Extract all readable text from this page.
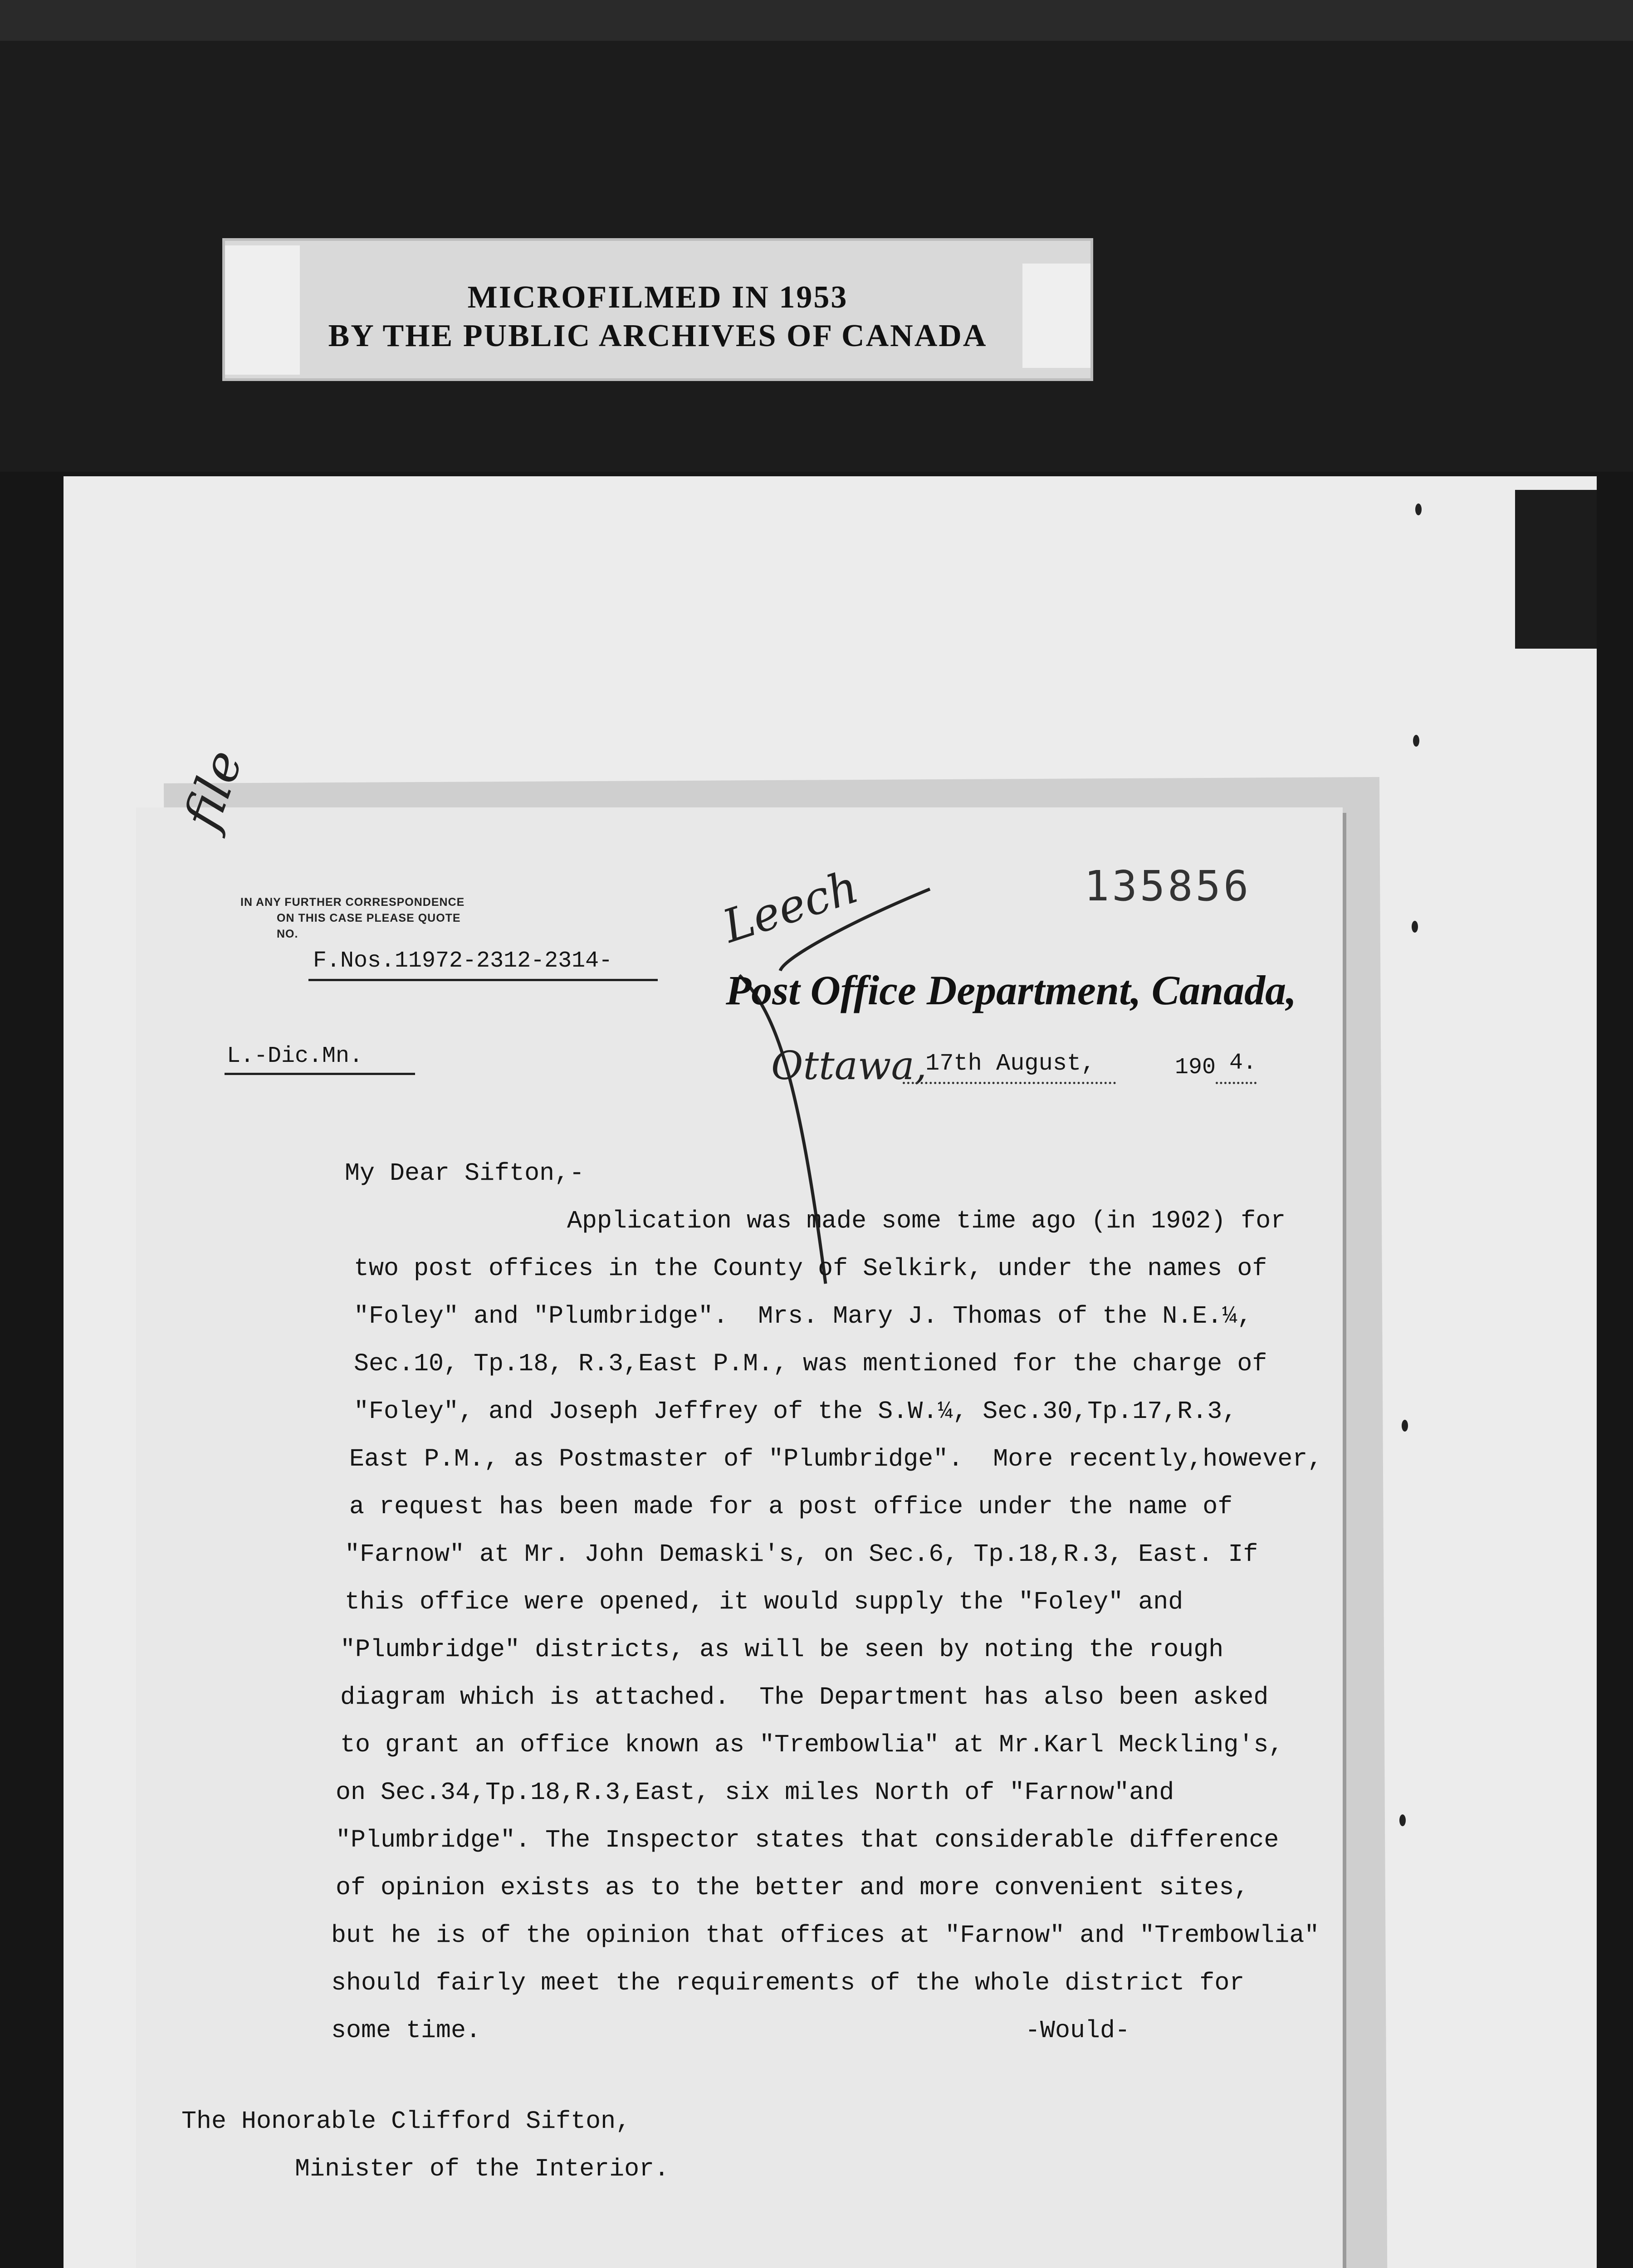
MICROFILMED IN 1953
BY THE PUBLIC ARCHIVES OF CANADA
file
IN ANY FURTHER CORRESPONDENCE
ON THIS CASE PLEASE QUOTE
NO.
F.Nos.11972-2312-2314-
Leech	135856
Post Office Department, Canada,
L.-Dic.Mn.	Ottawa,
17th August,	190 4.
My Dear Sifton,-
Application was made some time ago (in 1902) for
two post offices in the County of Selkirk, under the names of
"Foley" and "Plumbridge".  Mrs. Mary J. Thomas of the N.E.¼,
Sec.10, Tp.18, R.3,East P.M., was mentioned for the charge of
"Foley", and Joseph Jeffrey of the S.W.¼, Sec.30,Tp.17,R.3,
East P.M., as Postmaster of "Plumbridge".  More recently,however,
a request has been made for a post office under the name of
"Farnow" at Mr. John Demaski's, on Sec.6, Tp.18,R.3, East. If
this office were opened, it would supply the "Foley" and
"Plumbridge" districts, as will be seen by noting the rough
diagram which is attached.  The Department has also been asked
to grant an office known as "Trembowlia" at Mr.Karl Meckling's,
on Sec.34,Tp.18,R.3,East, six miles North of "Farnow"and
"Plumbridge". The Inspector states that considerable difference
of opinion exists as to the better and more convenient sites,
but he is of the opinion that offices at "Farnow" and "Trembowlia"
should fairly meet the requirements of the whole district for
some time.	-Would-
The Honorable Clifford Sifton,
Minister of the Interior.
